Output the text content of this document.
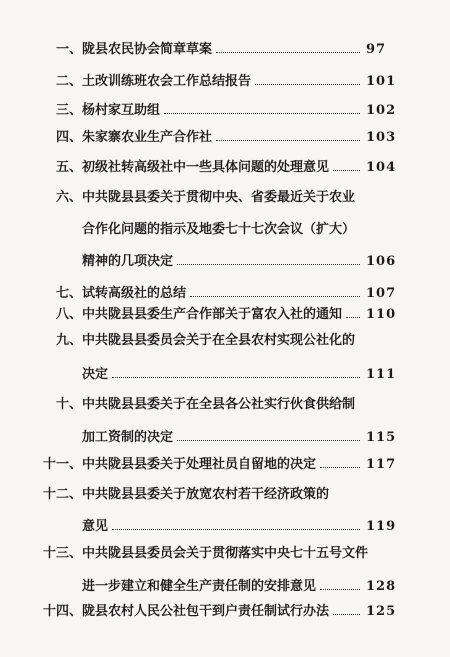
一、 陇县农民协会简章草案	97
二、 土改训练班农会工作总结报告	101
三、 杨村家互助组	102
四、 朱家寨农业生产合作社	103
五、 初级社转高级社中一些具体问题的处理意见	104
六、 中共陇县县委关于贯彻中央、省委最近关于农业
合作化问题的指示及地委七十七次会议（扩大）
精神的几项决定	106
七、 试转高级社的总结	107
八、 中共陇县县委生产合作部关于富农入社的通知 110
九、 中共陇县县委员会关于在全县农村实现公社化的
决定	111
十、 中共陇县县委关于在全县各公社实行伙食供给制
加工资制的决定	115
十一、 中共陇县县委关于处理社员自留地的决定	117
十二、 中共陇县县委关于放宽农村若干经济政策的
意见	119
十三、 中共陇县县委员会关于贯彻落实中央七十五号文件
进一步建立和健全生产责任制的安排意见	128
十四、 陇县农村人民公社包干到户责任制试行办法	125
